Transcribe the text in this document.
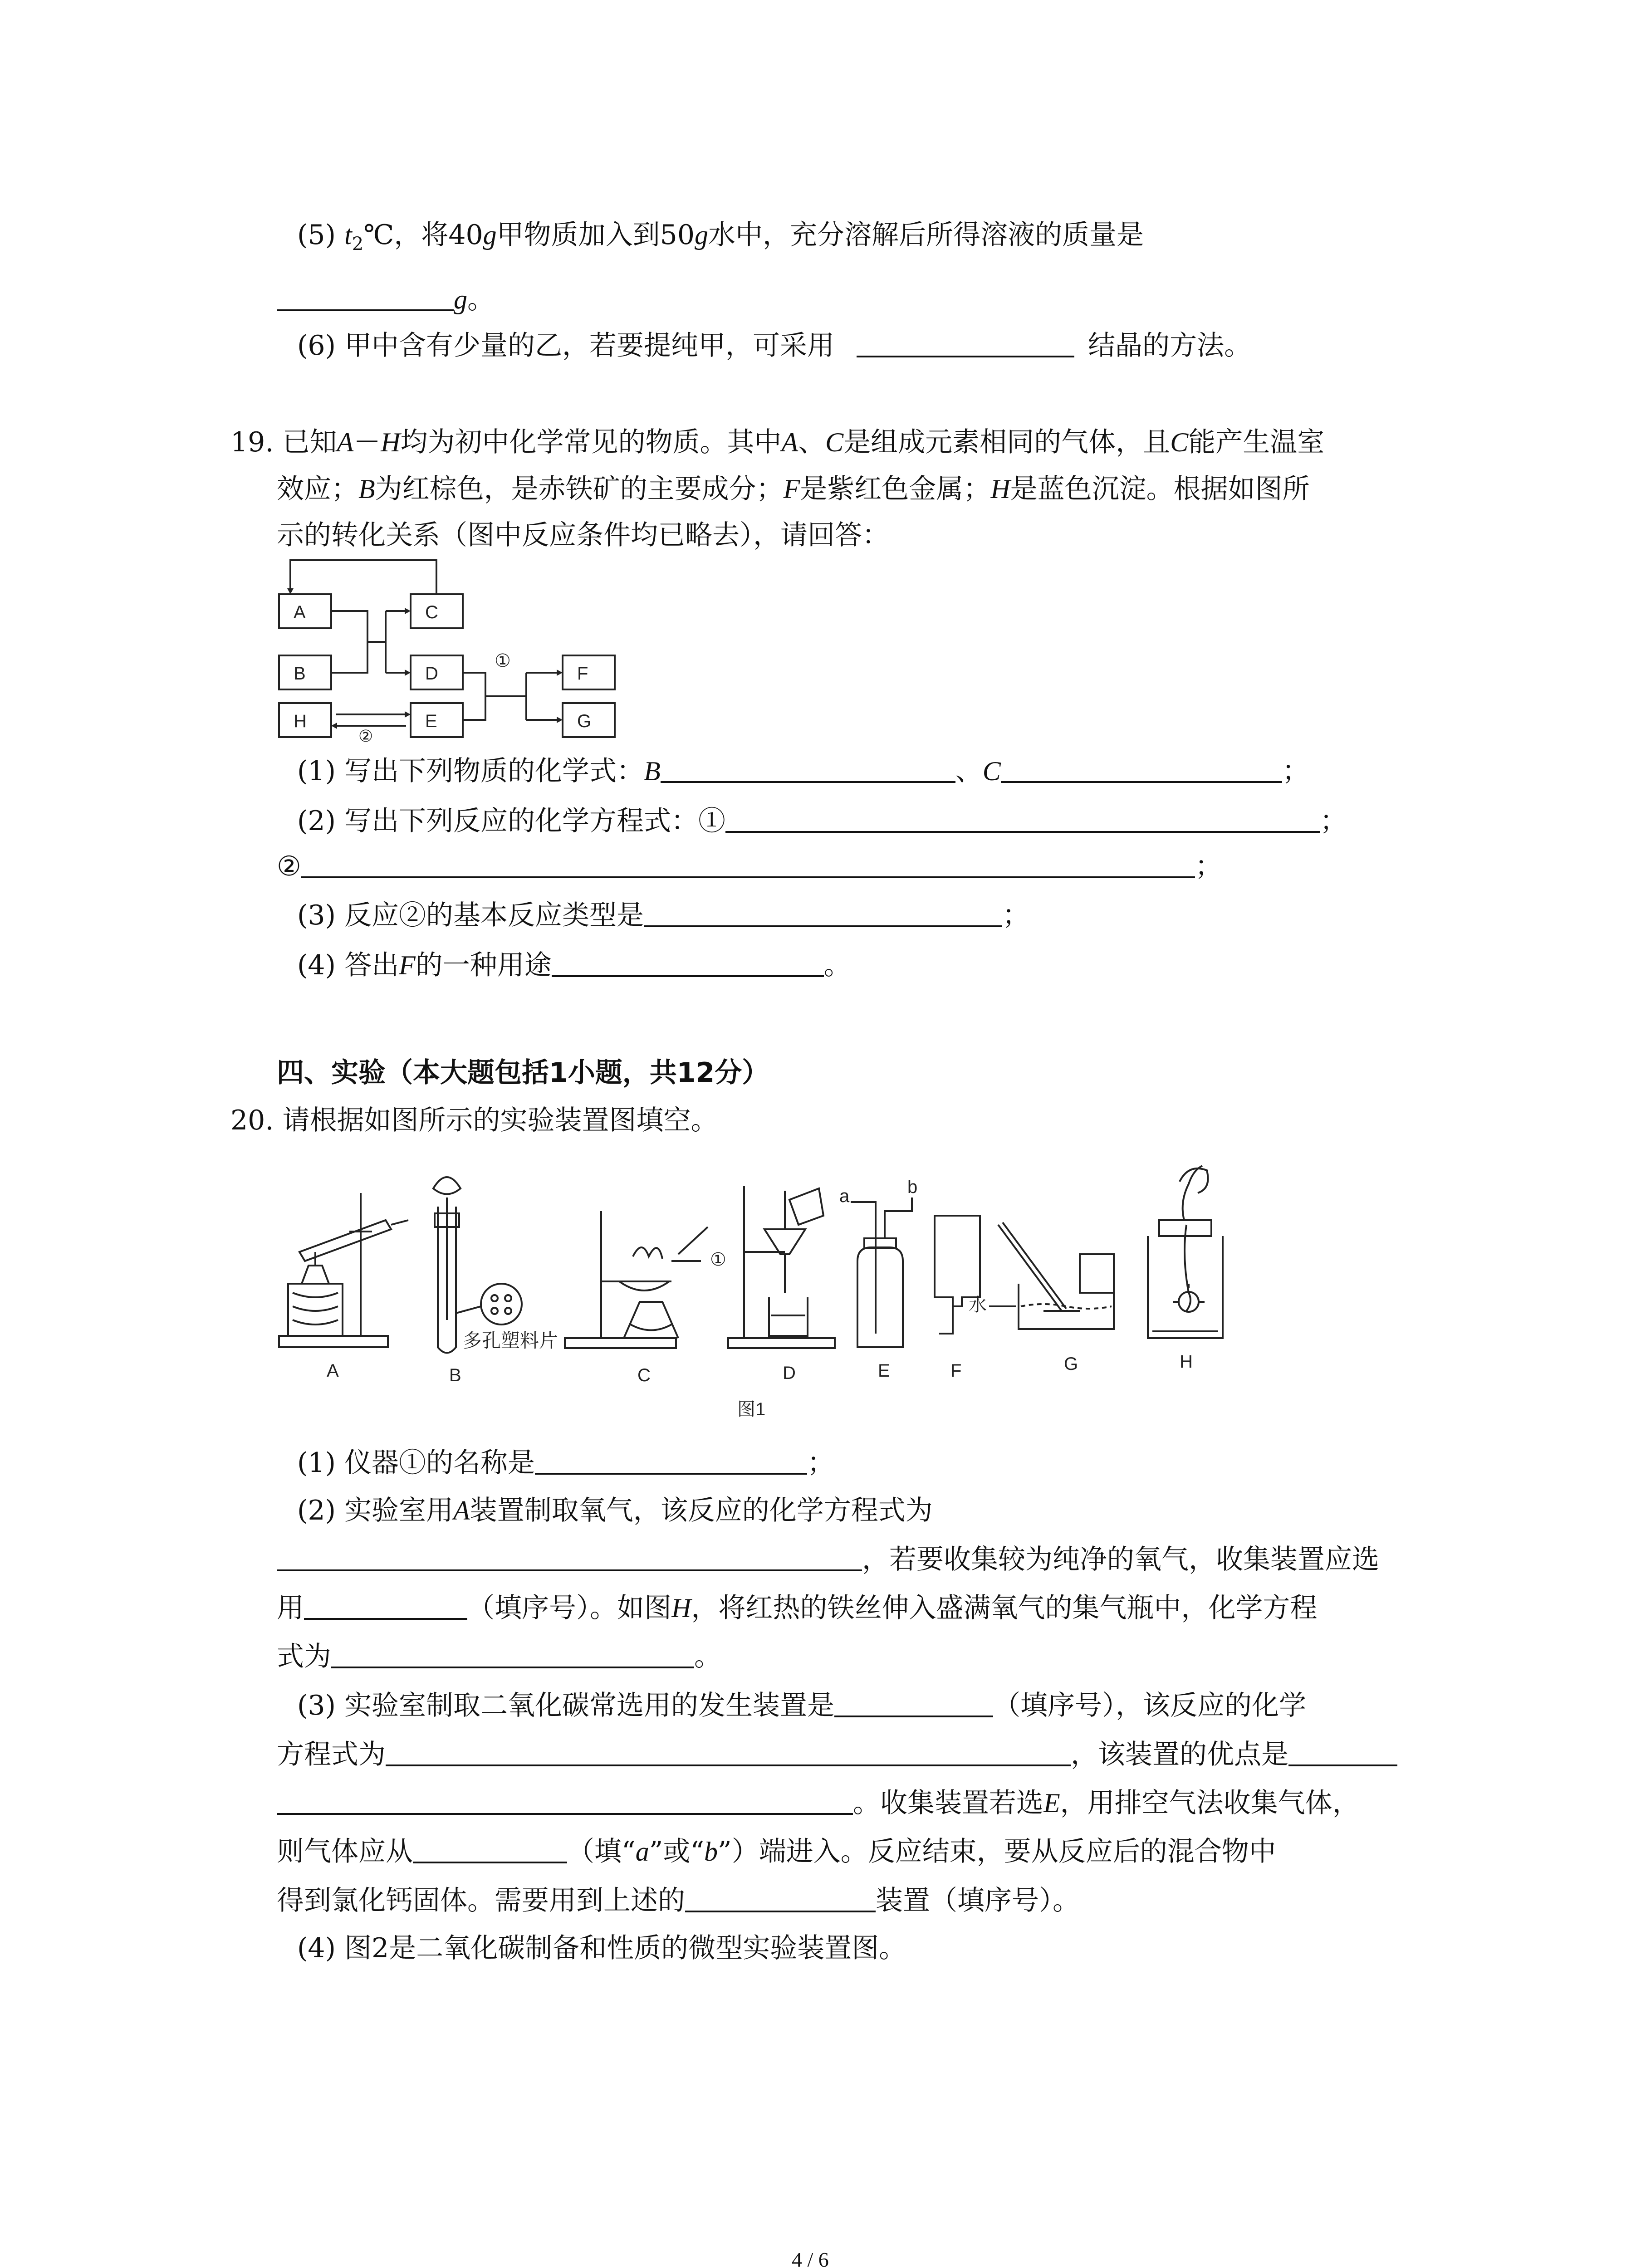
(5) $t_2℃$，将40g甲物质加入到50g水中，充分溶解后所得溶液的质量是
g。
(6) 甲中含有少量的乙，若要提纯甲，可采用	结晶的方法。
19. 已知A－H均为初中化学常见的物质。其中A、C是组成元素相同的气体，且C能产生温室
效应；B为红棕色，是赤铁矿的主要成分；F是紫红色金属；H是蓝色沉淀。根据如图所
示的转化关系（图中反应条件均已略去），请回答：
A
B
H
C
D
E
F
G
①
②
(1) 写出下列物质的化学式：B	、C	；
(2) 写出下列反应的化学方程式：①	；
②	；
(3) 反应②的基本反应类型是	；
(4) 答出F的一种用途	。
四、实验（本大题包括1小题，共12分）
20. 请根据如图所示的实验装置图填空。
a	b
①
多孔塑料片
水
A	B	C	D	E	F	G	H
图1
(1) 仪器①的名称是	；
(2) 实验室用A装置制取氧气，该反应的化学方程式为
，若要收集较为纯净的氧气，收集装置应选
用	（填序号）。如图H，将红热的铁丝伸入盛满氧气的集气瓶中，化学方程
式为	。
(3) 实验室制取二氧化碳常选用的发生装置是	（填序号），该反应的化学
方程式为	，该装置的优点是
。收集装置若选E，用排空气法收集气体，
则气体应从	（填“a”或“b”）端进入。反应结束，要从反应后的混合物中
得到氯化钙固体。需要用到上述的	装置（填序号）。
(4) 图2是二氧化碳制备和性质的微型实验装置图。
4 / 6
